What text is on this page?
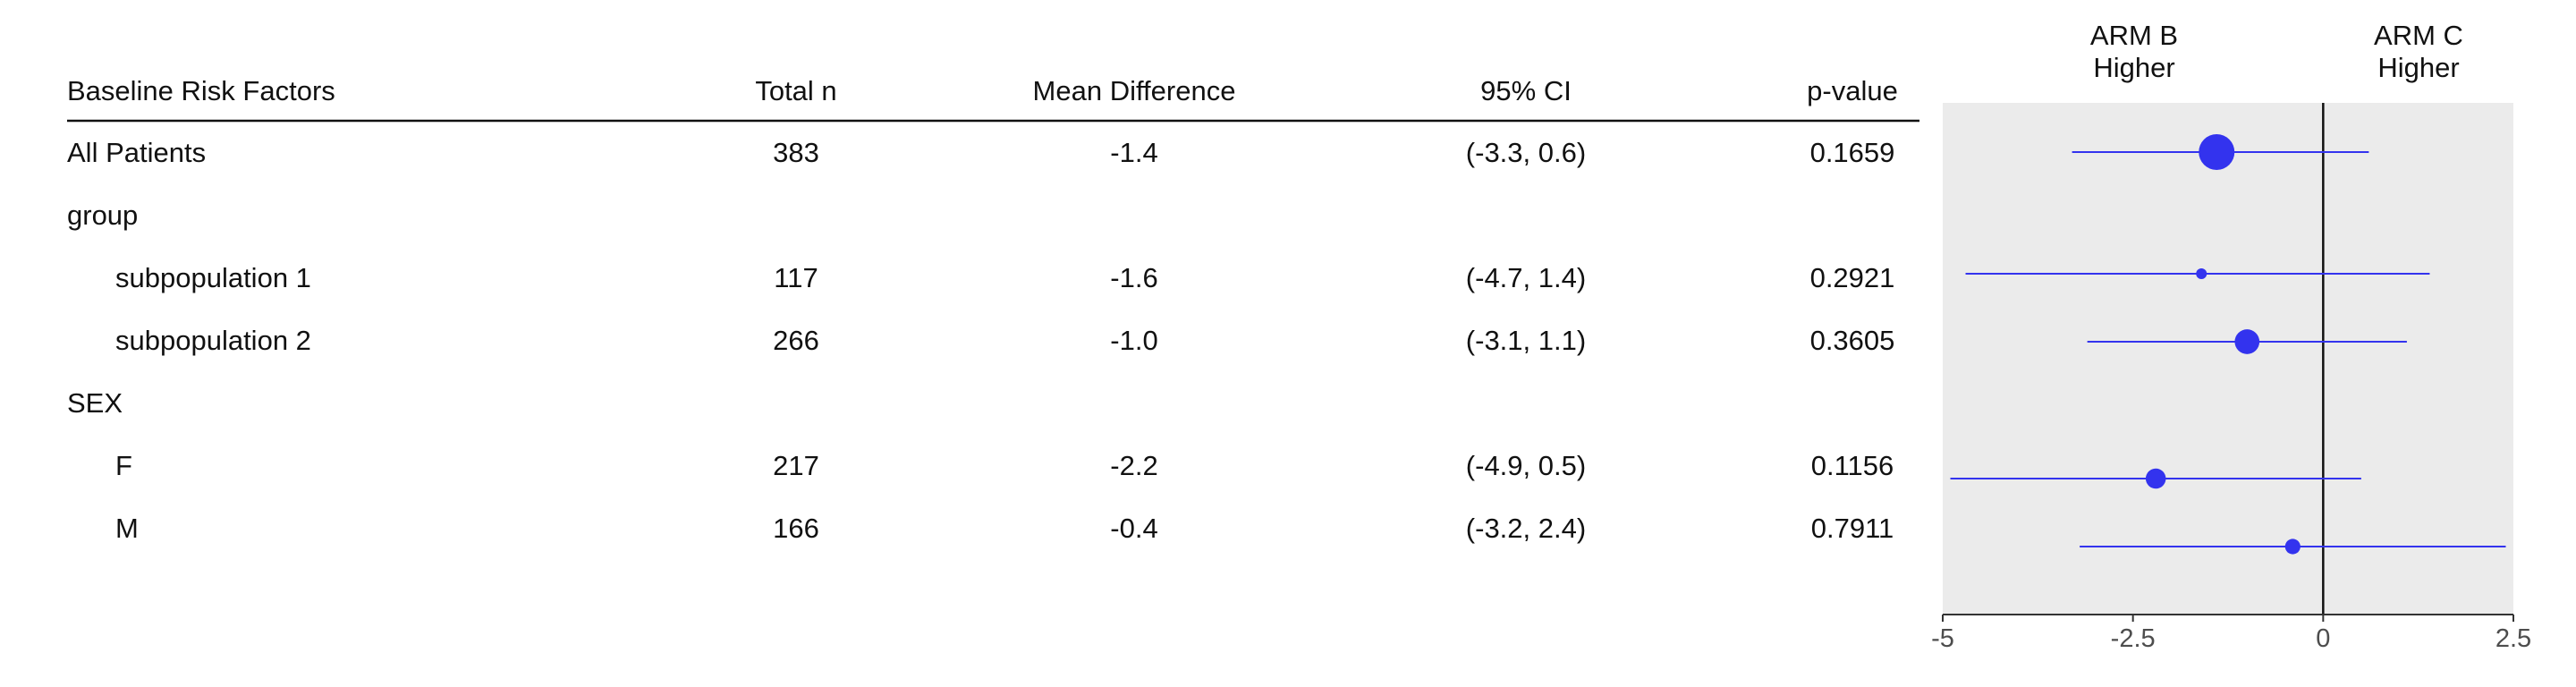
Baseline Risk Factors	Total n	Mean Difference	95% CI	p-value
All Patients	383	-1.4	(-3.3, 0.6)	0.1659
group
subpopulation 1	117	-1.6	(-4.7, 1.4)	0.2921
subpopulation 2	266	-1.0	(-3.1, 1.1)	0.3605
SEX
F	217	-2.2	(-4.9, 0.5)	0.1156
M	166	-0.4	(-3.2, 2.4)	0.7911
ARM B
Higher
ARM C
Higher
-5	-2.5	0	2.5
